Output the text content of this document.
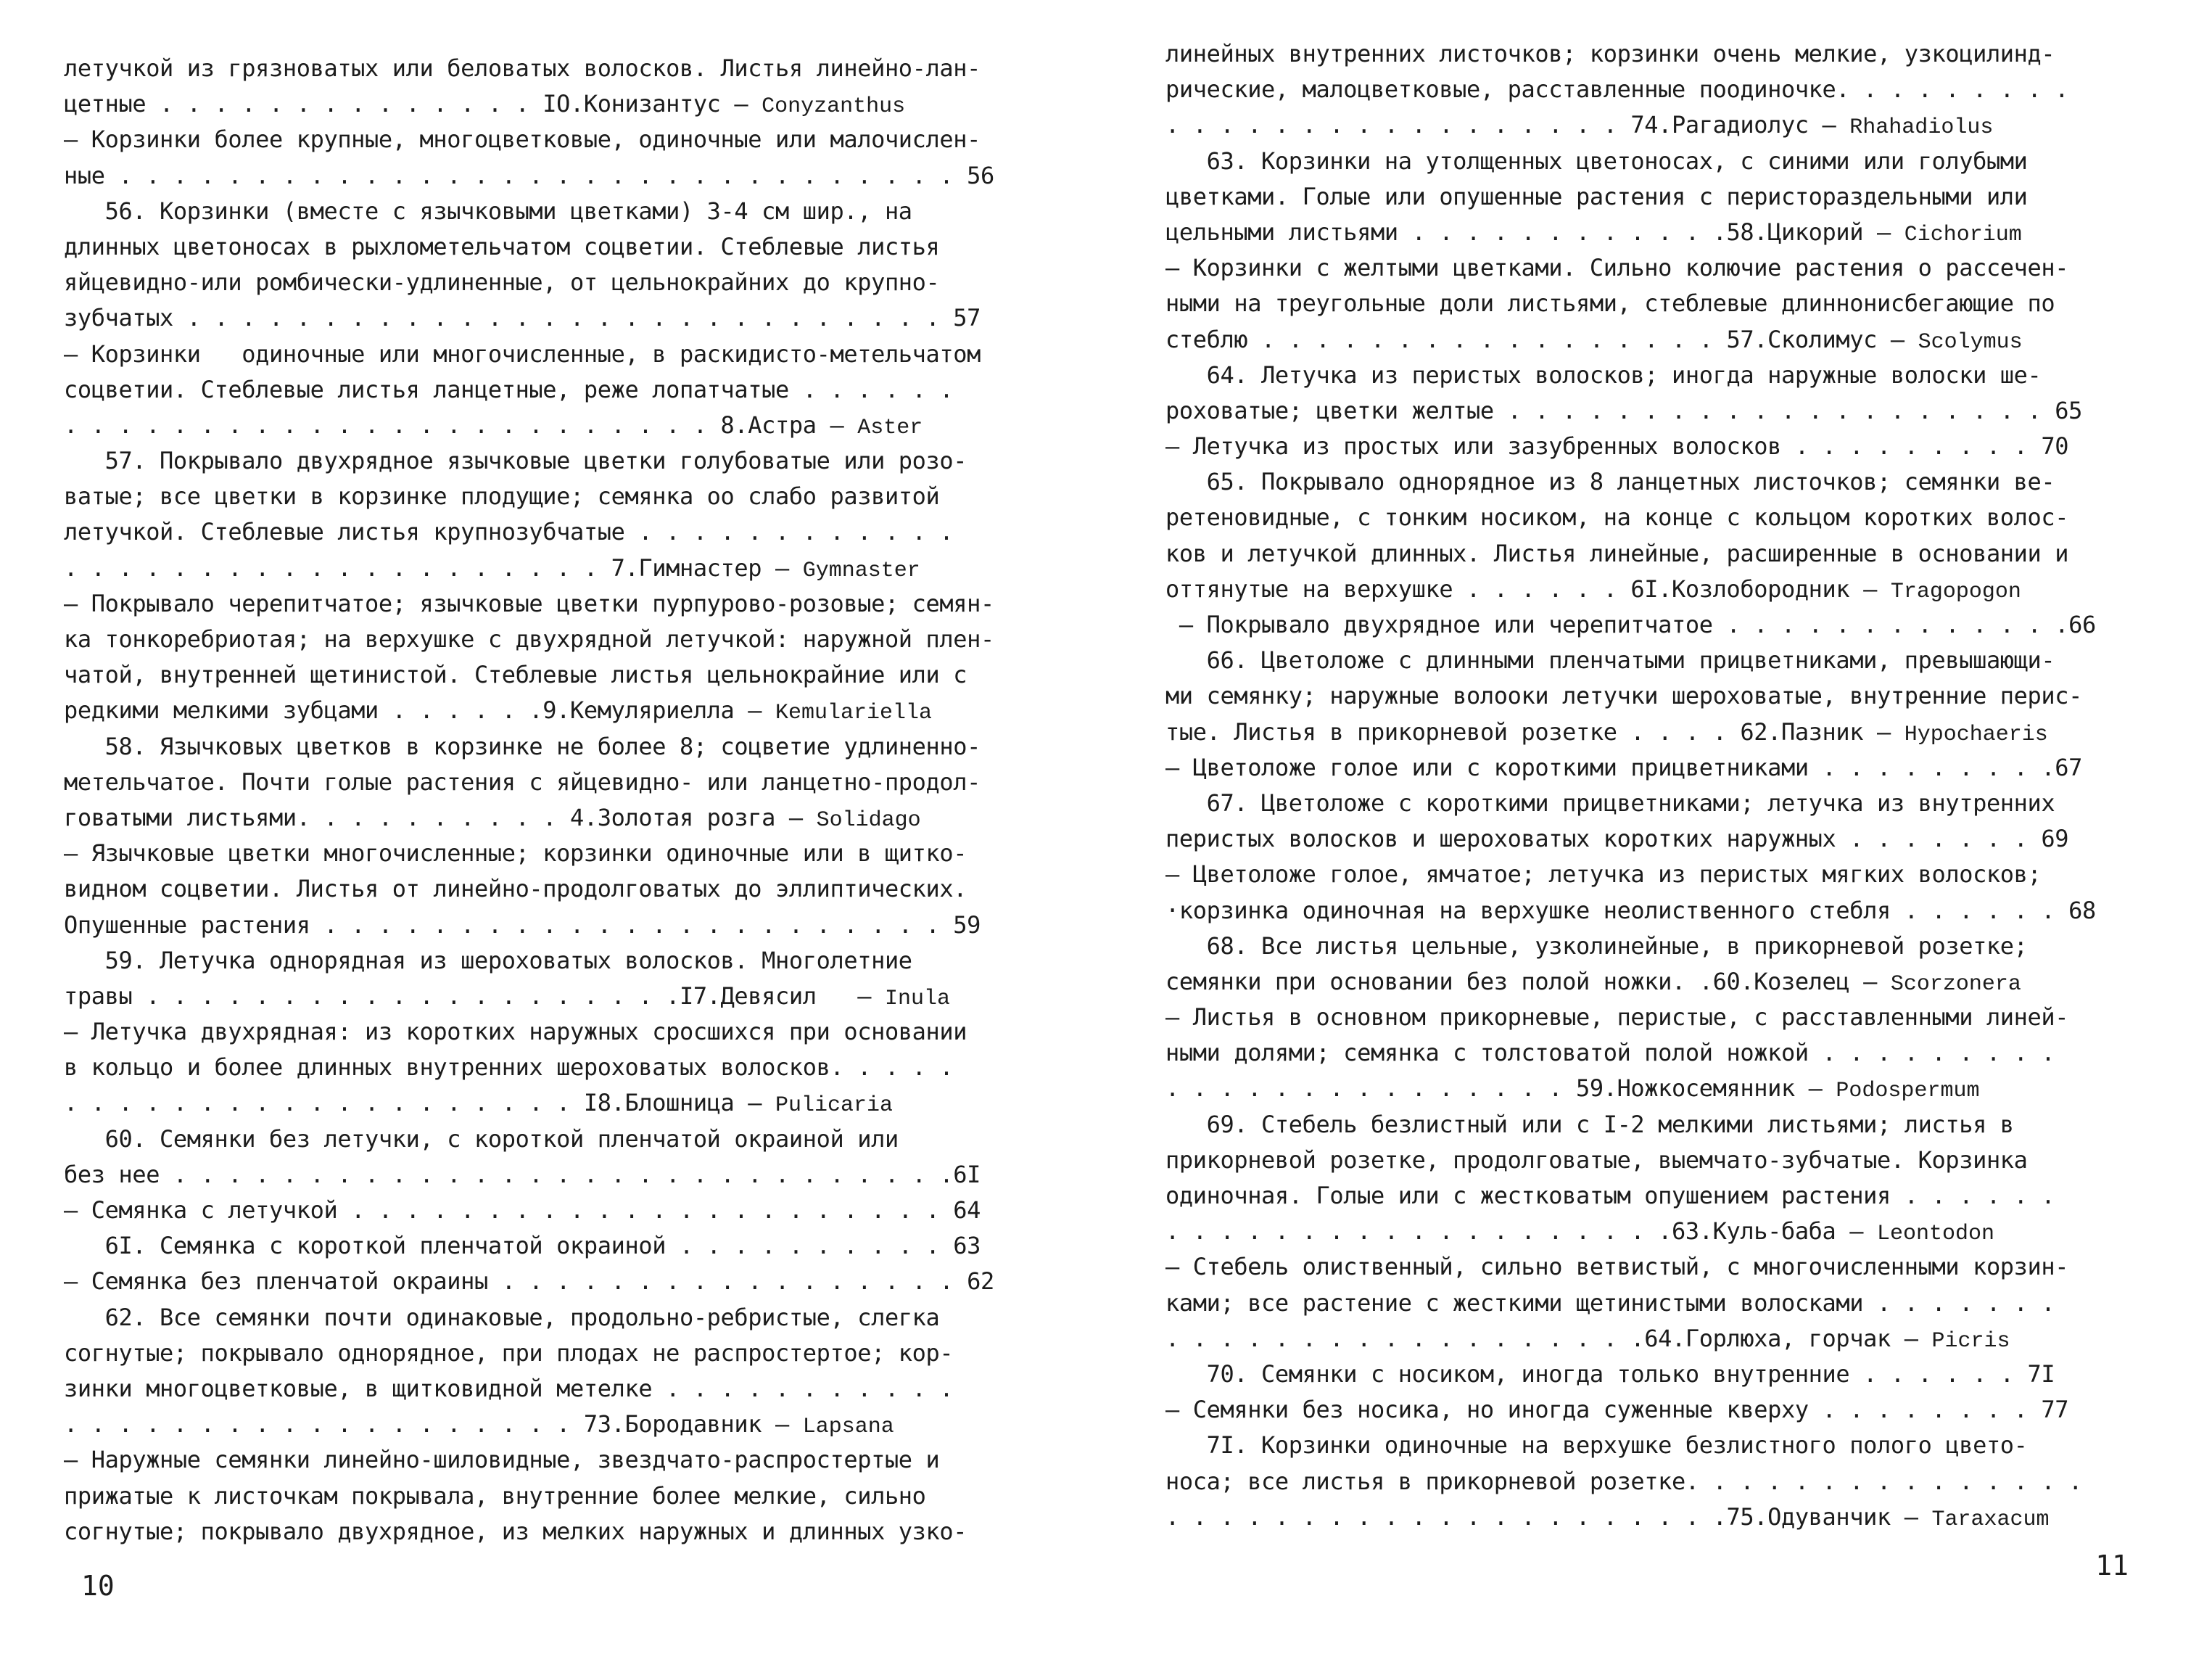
летучкой из грязноватых или беловатых волосков. Листья линейно-лан-
цетные . . . . . . . . . . . . . . IO.Конизантус – Conyzanthus
– Корзинки более крупные, многоцветковые, одиночные или малочислен-
ные . . . . . . . . . . . . . . . . . . . . . . . . . . . . . . . 56
56. Корзинки (вместе с язычковыми цветками) 3-4 см шир., на
длинных цветоносах в рыхлометельчатом соцветии. Стеблевые листья
яйцевидно-или ромбически-удлиненные, от цельнокрайних до крупно-
зубчатых . . . . . . . . . . . . . . . . . . . . . . . . . . . . 57
– Корзинки   одиночные или многочисленные, в раскидисто-метельчатом
соцветии. Стеблевые листья ланцетные, реже лопатчатые . . . . . .
. . . . . . . . . . . . . . . . . . . . . . . . 8.Астра – Aster
57. Покрывало двухрядное язычковые цветки голубоватые или розо-
ватые; все цветки в корзинке плодущие; семянка оо слабо развитой
летучкой. Стеблевые листья крупнозубчатые . . . . . . . . . . . .
. . . . . . . . . . . . . . . . . . . . 7.Гимнастер – Gymnaster
– Покрывало черепитчатое; язычковые цветки пурпурово-розовые; семян-
ка тонкоребриотая; на верхушке с двухрядной летучкой: наружной плен-
чатой, внутренней щетинистой. Стеблевые листья цельнокрайние или с
редкими мелкими зубцами . . . . . .9.Кемуляриелла – Kemulariella
58. Язычковых цветков в корзинке не более 8; соцветие удлиненно-
метельчатое. Почти голые растения с яйцевидно- или ланцетно-продол-
говатыми листьями. . . . . . . . . . 4.Золотая розга – Solidago
– Язычковые цветки многочисленные; корзинки одиночные или в щитко-
видном соцветии. Листья от линейно-продолговатых до эллиптических.
Опушенные растения . . . . . . . . . . . . . . . . . . . . . . . 59
59. Летучка однорядная из шероховатых волосков. Многолетние
травы . . . . . . . . . . . . . . . . . . . .I7.Девясил   – Inula
– Летучка двухрядная: из коротких наружных сросшихся при основании
в кольцо и более длинных внутренних шероховатых волосков. . . . .
. . . . . . . . . . . . . . . . . . . I8.Блошница – Pulicaria
60. Семянки без летучки, с короткой пленчатой окраиной или
без нее . . . . . . . . . . . . . . . . . . . . . . . . . . . . .6I
– Семянка с летучкой . . . . . . . . . . . . . . . . . . . . . . 64
6I. Семянка с короткой пленчатой окраиной . . . . . . . . . . 63
– Семянка без пленчатой окраины . . . . . . . . . . . . . . . . . 62
62. Все семянки почти одинаковые, продольно-ребристые, слегка
согнутые; покрывало однорядное, при плодах не распростертое; кор-
зинки многоцветковые, в щитковидной метелке . . . . . . . . . . .
. . . . . . . . . . . . . . . . . . . 73.Бородавник – Lapsana
– Наружные семянки линейно-шиловидные, звездчато-распростертые и
прижатые к листочкам покрывала, внутренние более мелкие, сильно
согнутые; покрывало двухрядное, из мелких наружных и длинных узко-
10
линейных внутренних листочков; корзинки очень мелкие, узкоцилинд-
рические, малоцветковые, расставленные поодиночке. . . . . . . . .
. . . . . . . . . . . . . . . . . 74.Рагадиолус – Rhahadiolus
63. Корзинки на утолщенных цветоносах, с синими или голубыми
цветками. Голые или опушенные растения с перисторaздельными или
цельными листьями . . . . . . . . . . . .58.Цикорий – Cichorium
– Корзинки с желтыми цветками. Сильно колючие растения о рассечен-
ными на треугольные доли листьями, стеблевые длиннонисбегающие по
стеблю . . . . . . . . . . . . . . . . . 57.Сколимус – Scolymus
64. Летучка из перистых волосков; иногда наружные волоски ше-
роховатые; цветки желтые . . . . . . . . . . . . . . . . . . . . 65
– Летучка из простых или зазубренных волосков . . . . . . . . . 70
65. Покрывало однорядное из 8 ланцетных листочков; семянки ве-
ретеновидные, с тонким носиком, на конце с кольцом коротких волос-
ков и летучкой длинных. Листья линейные, расширенные в основании и
оттянутые на верхушке . . . . . . 6I.Козлобородник – Tragopogon
– Покрывало двухрядное или черепитчатое . . . . . . . . . . . . .66
66. Цветоложе с длинными пленчатыми прицветниками, превышающи-
ми семянку; наружные волооки летучки шероховатые, внутренние перис-
тые. Листья в прикорневой розетке . . . . 62.Пазник – Hypochaeris
– Цветоложе голое или с короткими прицветниками . . . . . . . . .67
67. Цветоложе с короткими прицветниками; летучка из внутренних
перистых волосков и шероховатых коротких наружных . . . . . . . 69
– Цветоложе голое, ямчатое; летучка из перистых мягких волосков;
·корзинка одиночная на верхушке неолиственного стебля . . . . . . 68
68. Все листья цельные, узколинейные, в прикорневой розетке;
семянки при основании без полой ножки. .60.Козелец – Scorzonera
– Листья в основном прикорневые, перистые, с расставленными линей-
ными долями; семянка с толстоватой полой ножкой . . . . . . . . .
. . . . . . . . . . . . . . . 59.Ножкосемянник – Podospermum
69. Стебель безлистный или с I-2 мелкими листьями; листья в
прикорневой розетке, продолговатые, выемчато-зубчатые. Корзинка
одиночная. Голые или с жестковатым опушением растения . . . . . .
. . . . . . . . . . . . . . . . . . .63.Куль-баба – Leontodon
– Стебель олиственный, сильно ветвистый, с многочисленными корзин-
ками; все растение с жесткими щетинистыми волосками . . . . . . .
. . . . . . . . . . . . . . . . . .64.Горлюха, горчак – Picris
70. Семянки с носиком, иногда только внутренние . . . . . . 7I
– Семянки без носика, но иногда суженные кверху . . . . . . . . 77
7I. Корзинки одиночные на верхушке безлистного полого цвето-
носа; все листья в прикорневой розетке. . . . . . . . . . . . . . .
. . . . . . . . . . . . . . . . . . . . .75.Одуванчик – Taraxacum
11
